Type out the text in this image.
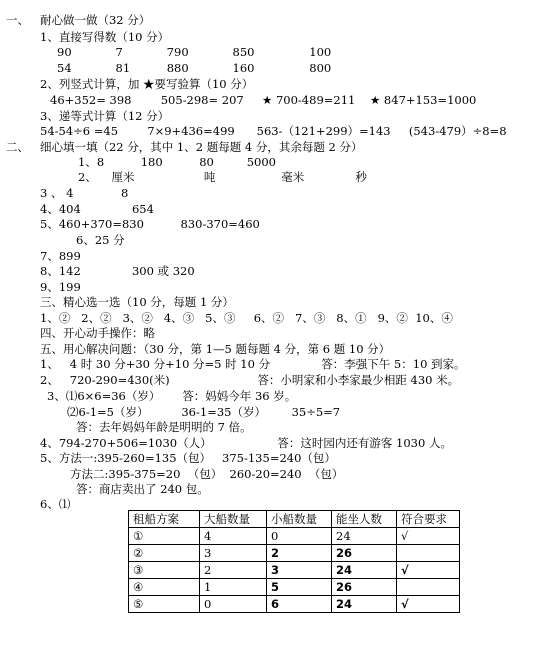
一、   耐心做一做（32 分）
1、直接写得数（10 分）
90            7            790            850               100
54            81          880            160               800
2、列竖式计算，加 ★要写验算（10 分）
46+352= 398        505-298= 207     ★ 700-489=211    ★ 847+153=1000
3、递等式计算（12 分）
54-54÷6 =45        7×9+436=499      563-（121+299）=143     (543-479）÷8=8
二、   细心填一填（22 分，其中 1、2 题每题 4 分，其余每题 2 分）
1、8          180          80         5000
2、    厘米                   吨                  毫米              秒
3 、 4             8
4、404              654
5、460+370=830          830-370=460
6、25 分
7、899
8、142              300 或 320
9、199
三、精心选一选（10 分，每题 1 分）
1、②   2、②   3、②   4、③   5、③     6、②   7、③   8、①   9、②  10、④
四、开心动手操作：略
五、用心解决问题：（30 分，第 1—5 题每题 4 分，第 6 题 10 分）
1、   4 时 30 分+30 分+10 分=5 时 10 分              答：李强下午 5：10 到家。
2、   720-290=430(米)                        答：小明家和小李家最少相距 430 米。
3、⑴6×6=36（岁）      答：妈妈今年 36 岁。
⑵6-1=5（岁）         36-1=35（岁）       35÷5=7
答：去年妈妈年龄是明明的 7 倍。
4、794-270+506=1030（人）                  答：这时园内还有游客 1030 人。
5、方法一:395-260=135（包）   375-135=240（包）
方法二:395-375=20  （包）  260-20=240  （包）
答：商店卖出了 240 包。
6、⑴
租船方案	大船数量	小船数量	能坐人数	符合要求
①	4	0	24	√
②	3	2	26	
③	2	3	24	√
④	1	5	26	
⑤	0	6	24	√
